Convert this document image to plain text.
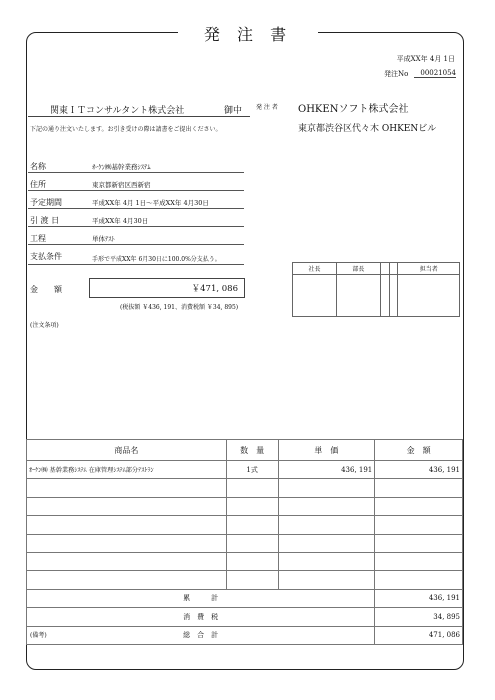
発 注 書
平成XX年 4月 1日
発注No	00021054
関東ＩＴコンサルタント株式会社	御中
下記の通り注文いたします。お引き受けの際は請書をご提出ください。
発 注 者 OHKENソフト株式会社
東京都渋谷区代々木 OHKENビル
名称	ｵｰｹﾝ㈱基幹業務ｼｽﾃﾑ
住所	東京都新宿区西新宿
予定期間	平成XX年 4月 1日～平成XX年 4月30日
引 渡 日	平成XX年 4月30日
工程	単体ﾃｽﾄ
支払条件	手形で平成XX年 6月30日に100.0%分支払う。
金　　額	￥471, 086
(税抜額 ￥436, 191、消費税額 ￥34, 895)
(注文条項)
社長	部長			担当者

商品名	数　量	単　価	金　額
ｵｰｹﾝ㈱ 基幹業務ｼｽﾃﾑ 在庫管理ｼｽﾃﾑ部分ﾃｽﾄﾗﾝ	1式	436, 191	436, 191

累　　　計			436, 191
消　費　税			34, 895
総　合　計			471, 086
(備考)
